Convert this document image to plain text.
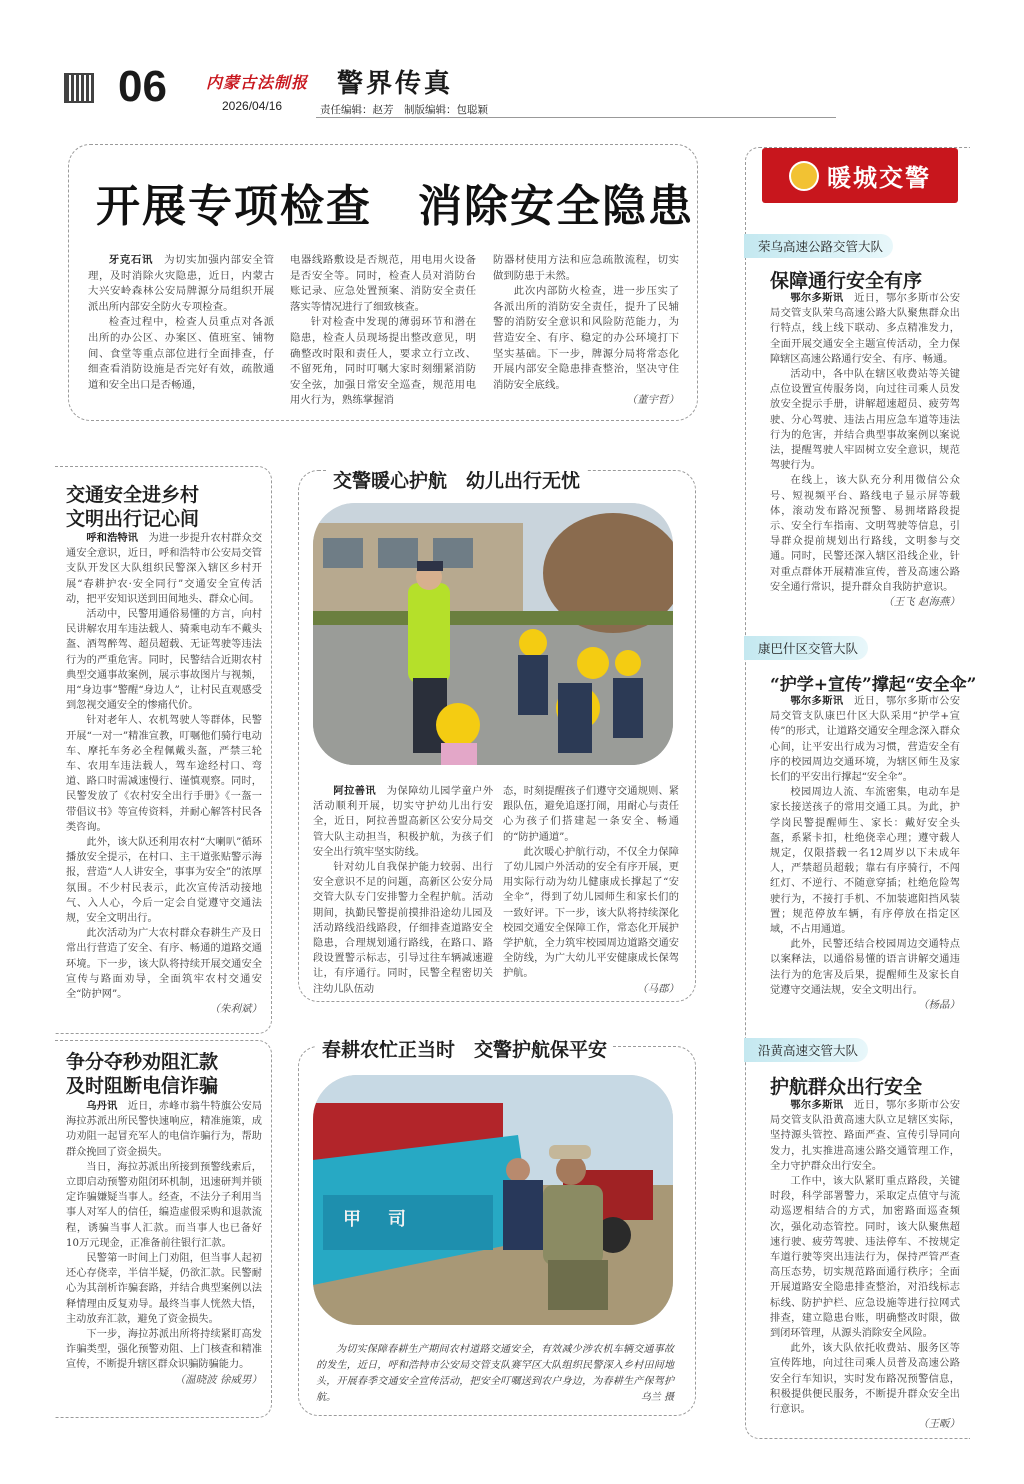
06 内蒙古法制报
2026/04/16
警界传真
责任编辑：赵芳　制版编辑：包聪颖
开展专项检查　消除安全隐患

牙克石讯　 为切实加强内部安全管理，及时消除火灾隐患，近日，内蒙古大兴安岭森林公安局牌源分局组织开展派出所内部安全防火专项检查。

检查过程中，检查人员重点对各派出所的办公区、办案区、值班室、铺物间、食堂等重点部位进行全面排查，仔细查看消防设施是否完好有效，疏散通道和安全出口是否畅通，

电器线路敷设是否规范，用电用火设备是否安全等。同时，检查人员对消防台账记录、应急处置预案、消防安全责任落实等情况进行了细致核查。

针对检查中发现的薄弱环节和潜在隐患，检查人员现场提出整改意见，明确整改时限和责任人，要求立行立改、不留死角，同时叮嘱大家时刻绷紧消防安全弦，加强日常安全巡查，规范用电用火行为，熟练掌握消

防器材使用方法和应急疏散流程，切实做到防患于未然。

此次内部防火检查，进一步压实了各派出所的消防安全责任，提升了民辅警的消防安全意识和风险防范能力，为营造安全、有序、稳定的办公环境打下坚实基础。下一步，牌源分局将常态化开展内部安全隐患排查整治，坚决守住消防安全底线。

（董宇哲）
交通安全进乡村
文明出行记心间

呼和浩特讯　 为进一步提升农村群众交通安全意识，近日，呼和浩特市公安局交管支队开发区大队组织民警深入辖区乡村开展“春耕护农·安全同行”交通安全宣传活动，把平安知识送到田间地头、群众心间。

活动中，民警用通俗易懂的方言，向村民讲解农用车违法载人、骑乘电动车不戴头盔、酒驾醉驾、超员超载、无证驾驶等违法行为的严重危害。同时，民警结合近期农村典型交通事故案例，展示事故图片与视频，用“身边事”警醒“身边人”，让村民直观感受到忽视交通安全的惨痛代价。

针对老年人、农机驾驶人等群体，民警开展“一对一”精准宣教，叮嘱他们骑行电动车、摩托车务必全程佩戴头盔，严禁三轮车、农用车违法载人，驾车途经村口、弯道、路口时需减速慢行、谨慎观察。同时，民警发放了《农村安全出行手册》《一盔一带倡议书》等宣传资料，并耐心解答村民各类咨询。

此外，该大队还利用农村“大喇叭”循环播放安全提示，在村口、主干道张贴警示海报，营造“人人讲安全，事事为安全”的浓厚氛围。不少村民表示，此次宣传活动接地气、入人心，今后一定会自觉遵守交通法规，安全文明出行。

此次活动为广大农村群众春耕生产及日常出行营造了安全、有序、畅通的道路交通环境。下一步，该大队将持续开展交通安全宣传与路面劝导，全面筑牢农村交通安全“防护网”。

（朱利斌）
争分夺秒劝阻汇款
及时阻断电信诈骗

乌丹讯　 近日，赤峰市翁牛特旗公安局海拉苏派出所民警快速响应，精准施策，成功劝阻一起冒充军人的电信诈骗行为，帮助群众挽回了资金损失。

当日，海拉苏派出所接到预警线索后，立即启动预警劝阻闭环机制，迅速研判并锁定诈骗嫌疑当事人。经查，不法分子利用当事人对军人的信任，编造虚假采购和退款流程，诱骗当事人汇款。而当事人也已备好10万元现金，正准备前往银行汇款。

民警第一时间上门劝阻，但当事人起初还心存侥幸，半信半疑，仍欲汇款。民警耐心为其剖析诈骗套路，并结合典型案例以法释情理由反复劝导。最终当事人恍然大悟，主动放弃汇款，避免了资金损失。

下一步，海拉苏派出所将持续紧盯高发诈骗类型，强化预警劝阻、上门核查和精准宣传，不断提升辖区群众识骗防骗能力。

（温晓波 徐威男）
交警暖心护航　幼儿出行无忧

阿拉善讯　 为保障幼儿园学童户外活动顺利开展，切实守护幼儿出行安全，近日，阿拉善盟高新区公安分局交管大队主动担当，积极护航，为孩子们安全出行筑牢坚实防线。

针对幼儿自我保护能力较弱、出行安全意识不足的问题，高新区公安分局交管大队专门安排警力全程护航。活动期间，执勤民警提前摸排沿途幼儿园及活动路线沿线路段，仔细排查道路安全隐患，合理规划通行路线，在路口、路段设置警示标志，引导过往车辆减速避让，有序通行。同时，民警全程密切关注幼儿队伍动

态，时刻提醒孩子们遵守交通规则、紧跟队伍，避免追逐打闹，用耐心与责任心为孩子们搭建起一条安全、畅通的“防护通道”。

此次暖心护航行动，不仅全力保障了幼儿园户外活动的安全有序开展，更用实际行动为幼儿健康成长撑起了“安全伞”，得到了幼儿园师生和家长们的一致好评。下一步，该大队将持续深化校园交通安全保障工作，常态化开展护学护航，全力筑牢校园周边道路交通安全防线，为广大幼儿平安健康成长保驾护航。

（马郡）
春耕农忙正当时　交警护航保平安
甲 司
为切实保障春耕生产期间农村道路交通安全，有效减少涉农机车辆交通事故的发生，近日，呼和浩特市公安局交管支队赛罕区大队组织民警深入乡村田间地头，开展春季交通安全宣传活动，把安全叮嘱送到农户身边，为春耕生产保驾护航。	乌兰 摄
暖城交警
荣乌高速公路交管大队
保障通行安全有序

鄂尔多斯讯　 近日，鄂尔多斯市公安局交管支队荣乌高速公路大队聚焦群众出行特点，线上线下联动、多点精准发力，全面开展交通安全主题宣传活动，全力保障辖区高速公路通行安全、有序、畅通。

活动中，各中队在辖区收费站等关键点位设置宣传服务岗，向过往司乘人员发放安全提示手册，讲解超速超员、疲劳驾驶、分心驾驶、违法占用应急车道等违法行为的危害，并结合典型事故案例以案说法，提醒驾驶人牢固树立安全意识，规范驾驶行为。

在线上，该大队充分利用微信公众号、短视频平台、路线电子显示屏等载体，滚动发布路况预警、易拥堵路段提示、安全行车指南、文明驾驶等信息，引导群众提前规划出行路线，文明参与交通。同时，民警还深入辖区沿线企业，针对重点群体开展精准宣传，普及高速公路安全通行常识，提升群众自我防护意识。

（王飞 赵海燕）
康巴什区交管大队
“护学+宣传”撑起“安全伞”

鄂尔多斯讯　 近日，鄂尔多斯市公安局交管支队康巴什区大队采用“护学+宣传”的形式，让道路交通安全理念深入群众心间，让平安出行成为习惯，营造安全有序的校园周边交通环境，为辖区师生及家长们的平安出行撑起“安全伞”。

校园周边人流、车流密集，电动车是家长接送孩子的常用交通工具。为此，护学岗民警提醒师生、家长：戴好安全头盔，系紧卡扣，杜绝侥幸心理；遵守载人规定，仅限搭载一名12周岁以下未成年人，严禁超员超载；靠右有序骑行，不闯红灯、不逆行、不随意穿插；杜绝危险驾驶行为，不接打手机、不加装遮阳挡风装置；规范停放车辆，有序停放在指定区域，不占用通道。

此外，民警还结合校园周边交通特点以案释法，以通俗易懂的语言讲解交通违法行为的危害及后果，提醒师生及家长自觉遵守交通法规，安全文明出行。

（杨晶）
沿黄高速交管大队
护航群众出行安全

鄂尔多斯讯　 近日，鄂尔多斯市公安局交管支队沿黄高速大队立足辖区实际，坚持源头管控、路面严查、宣传引导同向发力，扎实推进高速公路交通管理工作，全力守护群众出行安全。

工作中，该大队紧盯重点路段，关键时段，科学部署警力，采取定点值守与流动巡逻相结合的方式，加密路面巡查频次，强化动态管控。同时，该大队聚焦超速行驶、疲劳驾驶、违法停车、不按规定车道行驶等突出违法行为，保持严管严查高压态势，切实规范路面通行秩序；全面开展道路安全隐患排查整治，对沿线标志标线、防护护栏、应急设施等进行拉网式排查，建立隐患台账，明确整改时限，做到闭环管理，从源头消除安全风险。

此外，该大队依托收费站、服务区等宣传阵地，向过往司乘人员普及高速公路安全行车知识，实时发布路况预警信息，积极提供便民服务，不断提升群众安全出行意识。

（王畈）
